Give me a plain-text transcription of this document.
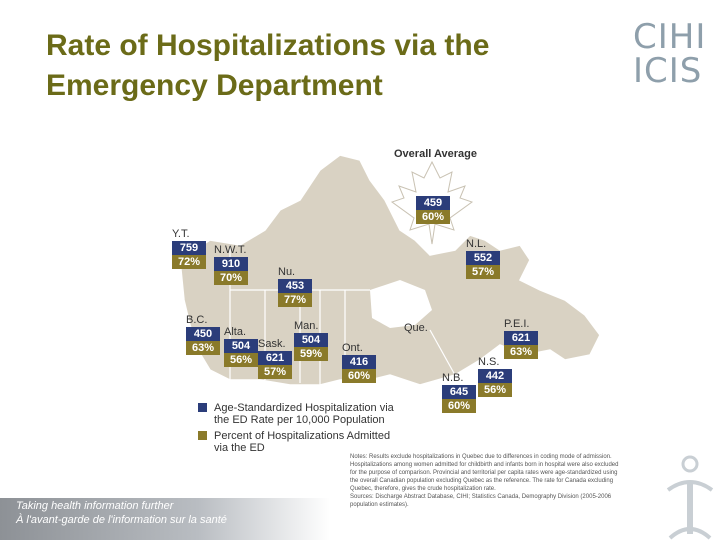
Rate of Hospitalizations via the
Emergency Department
CIHI
ICIS
Overall Average
459
60%
Y.T.
759
72%
N.W.T.
910
70%	Nu.
453
77%
B.C.
450
63%
Alta.
504
56%
Sask.
621
57%
Man.
504
59%	Ont.
416
60%
Que.
N.L.
552
57%
P.E.I.
621
63%
N.S.
442
56%
N.B.
645
60%
Age-Standardized Hospitalization via the ED Rate per 10,000 Population
Percent of Hospitalizations Admitted via the ED

Notes: Results exclude hospitalizations in Quebec due to differences in coding mode of admission.

Hospitalizations among women admitted for childbirth and infants born in hospital were also excluded

for the purpose of comparison. Provincial and territorial per capita rates were age-standardized using

the overall Canadian population excluding Quebec as the reference. The rate for Canada excluding

Quebec, therefore, gives the crude hospitalization rate.

Sources: Discharge Abstract Database, CIHI; Statistics Canada, Demography Division (2005-2006

population estimates).

Taking health information further
À l'avant-garde de l'information sur la santé
